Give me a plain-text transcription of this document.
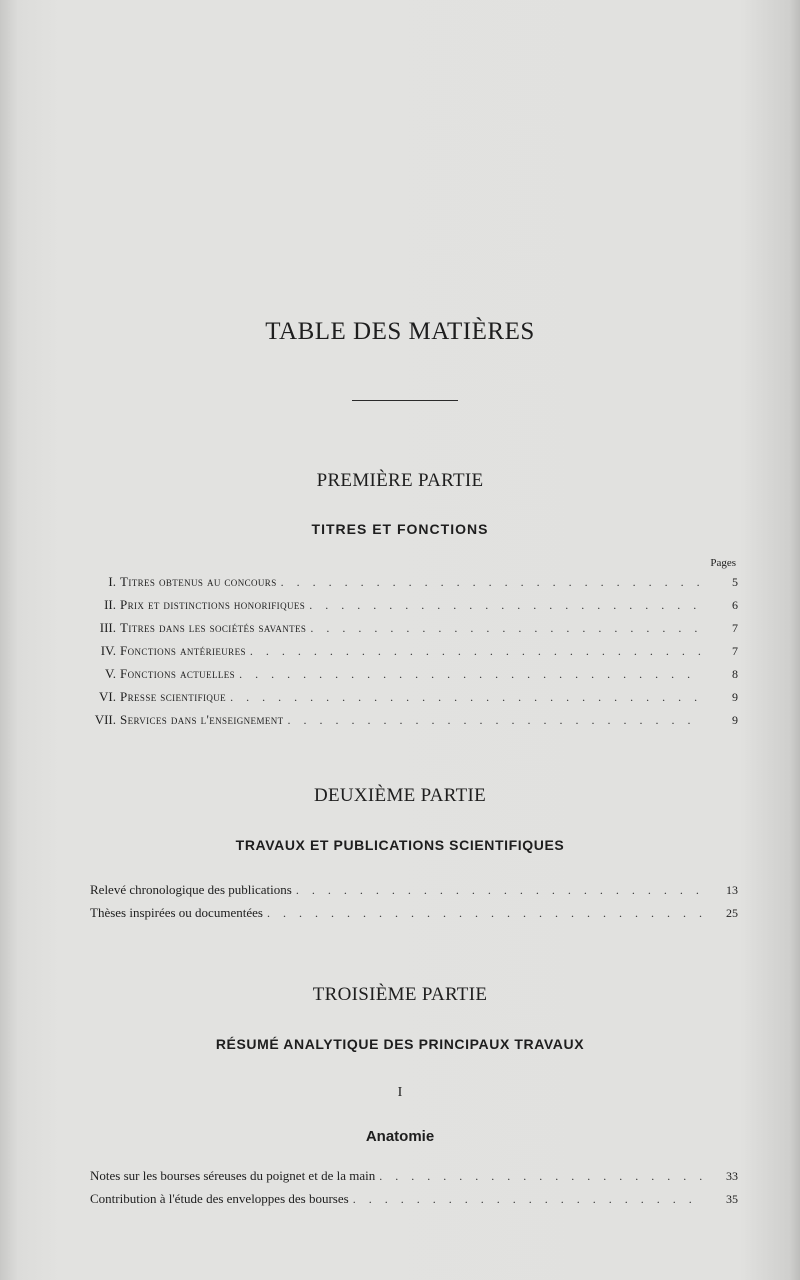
TABLE DES MATIÈRES
PREMIÈRE PARTIE
TITRES ET FONCTIONS
Pages
I. Titres obtenus au concours . . .	5
II. Prix et distinctions honorifiques . . .	6
III. Titres dans les sociétés savantes . . .	7
IV. Fonctions antérieures . . .	7
V. Fonctions actuelles . . .	8
VI. Presse scientifique . . .	9
VII. Services dans l'enseignement . . .	9
DEUXIÈME PARTIE
TRAVAUX ET PUBLICATIONS SCIENTIFIQUES
Relevé chronologique des publications . . .	13
Thèses inspirées ou documentées . . .	25
TROISIÈME PARTIE
RÉSUMÉ ANALYTIQUE DES PRINCIPAUX TRAVAUX
I
Anatomie
Notes sur les bourses séreuses du poignet et de la main . . .	33
Contribution à l'étude des enveloppes des bourses . . .	35
